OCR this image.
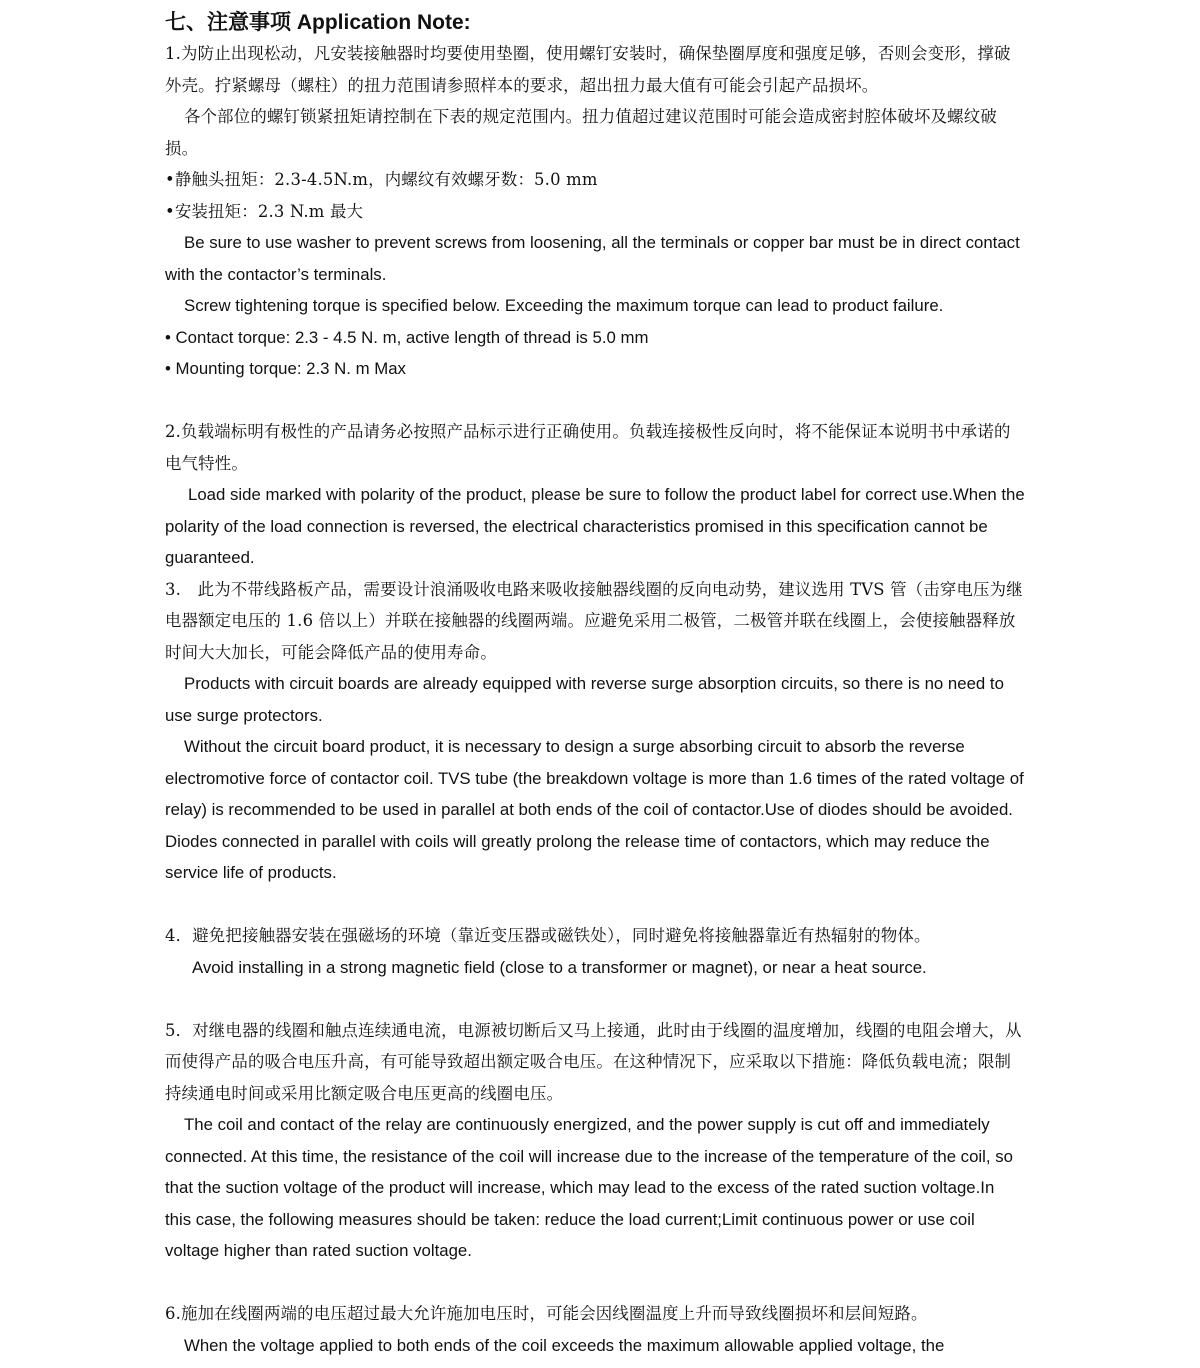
七、注意事项 Application Note:

1.为防止出现松动，凡安装接触器时均要使用垫圈，使用螺钉安装时，确保垫圈厚度和强度足够，否则会变形，撑破外壳。拧紧螺母（螺柱）的扭力范围请参照样本的要求，超出扭力最大值有可能会引起产品损坏。

各个部位的螺钉锁紧扭矩请控制在下表的规定范围内。扭力值超过建议范围时可能会造成密封腔体破坏及螺纹破损。

•静触头扭矩：2.3-4.5N.m，内螺纹有效螺牙数：5.0 mm

•安装扭矩：2.3 N.m 最大

Be sure to use washer to prevent screws from loosening, all the terminals or copper bar must be in direct contact with the contactor’s terminals.

Screw tightening torque is specified below. Exceeding the maximum torque can lead to product failure.

• Contact torque: 2.3 - 4.5 N. m, active length of thread is 5.0 mm

• Mounting torque: 2.3 N. m Max

2.负载端标明有极性的产品请务必按照产品标示进行正确使用。负载连接极性反向时，将不能保证本说明书中承诺的电气特性。

Load side marked with polarity of the product, please be sure to follow the product label for correct use.When the polarity of the load connection is reversed, the electrical characteristics promised in this specification cannot be guaranteed.

3.　此为不带线路板产品，需要设计浪涌吸收电路来吸收接触器线圈的反向电动势，建议选用 TVS 管（击穿电压为继电器额定电压的 1.6 倍以上）并联在接触器的线圈两端。应避免采用二极管，二极管并联在线圈上，会使接触器释放时间大大加长，可能会降低产品的使用寿命。

Products with circuit boards are already equipped with reverse surge absorption circuits, so there is no need to use surge protectors.

Without the circuit board product, it is necessary to design a surge absorbing circuit to absorb the reverse electromotive force of contactor coil. TVS tube (the breakdown voltage is more than 1.6 times of the rated voltage of relay) is recommended to be used in parallel at both ends of the coil of contactor.Use of diodes should be avoided. Diodes connected in parallel with coils will greatly prolong the release time of contactors, which may reduce the service life of products.

4．避免把接触器安装在强磁场的环境（靠近变压器或磁铁处），同时避免将接触器靠近有热辐射的物体。

Avoid installing in a strong magnetic field (close to a transformer or magnet), or near a heat source.

5．对继电器的线圈和触点连续通电流，电源被切断后又马上接通，此时由于线圈的温度增加，线圈的电阻会增大，从而使得产品的吸合电压升高，有可能导致超出额定吸合电压。在这种情况下，应采取以下措施：降低负载电流；限制持续通电时间或采用比额定吸合电压更高的线圈电压。

The coil and contact of the relay are continuously energized, and the power supply is cut off and immediately connected. At this time, the resistance of the coil will increase due to the increase of the temperature of the coil, so that the suction voltage of the product will increase, which may lead to the excess of the rated suction voltage.In this case, the following measures should be taken: reduce the load current;Limit continuous power or use coil voltage higher than rated suction voltage.

6.施加在线圈两端的电压超过最大允许施加电压时，可能会因线圈温度上升而导致线圈损坏和层间短路。

When the voltage applied to both ends of the coil exceeds the maximum allowable applied voltage, the
